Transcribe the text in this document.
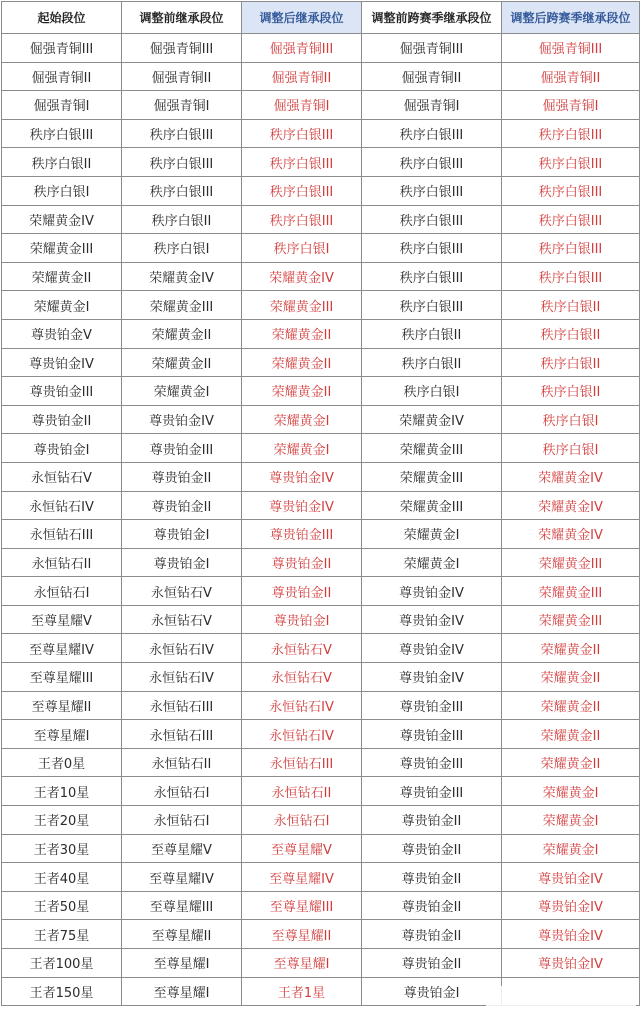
起始段位	调整前继承段位	调整后继承段位	调整前跨赛季继承段位	调整后跨赛季继承段位
倔强青铜III	倔强青铜III	倔强青铜III	倔强青铜III	倔强青铜III
倔强青铜II	倔强青铜II	倔强青铜II	倔强青铜II	倔强青铜II
倔强青铜I	倔强青铜I	倔强青铜I	倔强青铜I	倔强青铜I
秩序白银III	秩序白银III	秩序白银III	秩序白银III	秩序白银III
秩序白银II	秩序白银III	秩序白银III	秩序白银III	秩序白银III
秩序白银I	秩序白银III	秩序白银III	秩序白银III	秩序白银III
荣耀黄金IV	秩序白银II	秩序白银III	秩序白银III	秩序白银III
荣耀黄金III	秩序白银I	秩序白银I	秩序白银III	秩序白银III
荣耀黄金II	荣耀黄金IV	荣耀黄金IV	秩序白银III	秩序白银III
荣耀黄金I	荣耀黄金III	荣耀黄金III	秩序白银III	秩序白银II
尊贵铂金V	荣耀黄金II	荣耀黄金II	秩序白银II	秩序白银II
尊贵铂金IV	荣耀黄金II	荣耀黄金II	秩序白银II	秩序白银II
尊贵铂金III	荣耀黄金I	荣耀黄金II	秩序白银I	秩序白银II
尊贵铂金II	尊贵铂金IV	荣耀黄金I	荣耀黄金IV	秩序白银I
尊贵铂金I	尊贵铂金III	荣耀黄金I	荣耀黄金III	秩序白银I
永恒钻石V	尊贵铂金II	尊贵铂金IV	荣耀黄金III	荣耀黄金IV
永恒钻石IV	尊贵铂金II	尊贵铂金IV	荣耀黄金III	荣耀黄金IV
永恒钻石III	尊贵铂金I	尊贵铂金III	荣耀黄金I	荣耀黄金IV
永恒钻石II	尊贵铂金I	尊贵铂金II	荣耀黄金I	荣耀黄金III
永恒钻石I	永恒钻石V	尊贵铂金II	尊贵铂金IV	荣耀黄金III
至尊星耀V	永恒钻石V	尊贵铂金I	尊贵铂金IV	荣耀黄金III
至尊星耀IV	永恒钻石IV	永恒钻石V	尊贵铂金IV	荣耀黄金II
至尊星耀III	永恒钻石IV	永恒钻石V	尊贵铂金IV	荣耀黄金II
至尊星耀II	永恒钻石III	永恒钻石IV	尊贵铂金III	荣耀黄金II
至尊星耀I	永恒钻石III	永恒钻石IV	尊贵铂金III	荣耀黄金II
王者0星	永恒钻石II	永恒钻石III	尊贵铂金III	荣耀黄金II
王者10星	永恒钻石I	永恒钻石II	尊贵铂金III	荣耀黄金I
王者20星	永恒钻石I	永恒钻石I	尊贵铂金II	荣耀黄金I
王者30星	至尊星耀V	至尊星耀V	尊贵铂金II	荣耀黄金I
王者40星	至尊星耀IV	至尊星耀IV	尊贵铂金II	尊贵铂金IV
王者50星	至尊星耀III	至尊星耀III	尊贵铂金II	尊贵铂金IV
王者75星	至尊星耀II	至尊星耀II	尊贵铂金II	尊贵铂金IV
王者100星	至尊星耀I	至尊星耀I	尊贵铂金II	尊贵铂金IV
王者150星	至尊星耀I	王者1星	尊贵铂金I	
